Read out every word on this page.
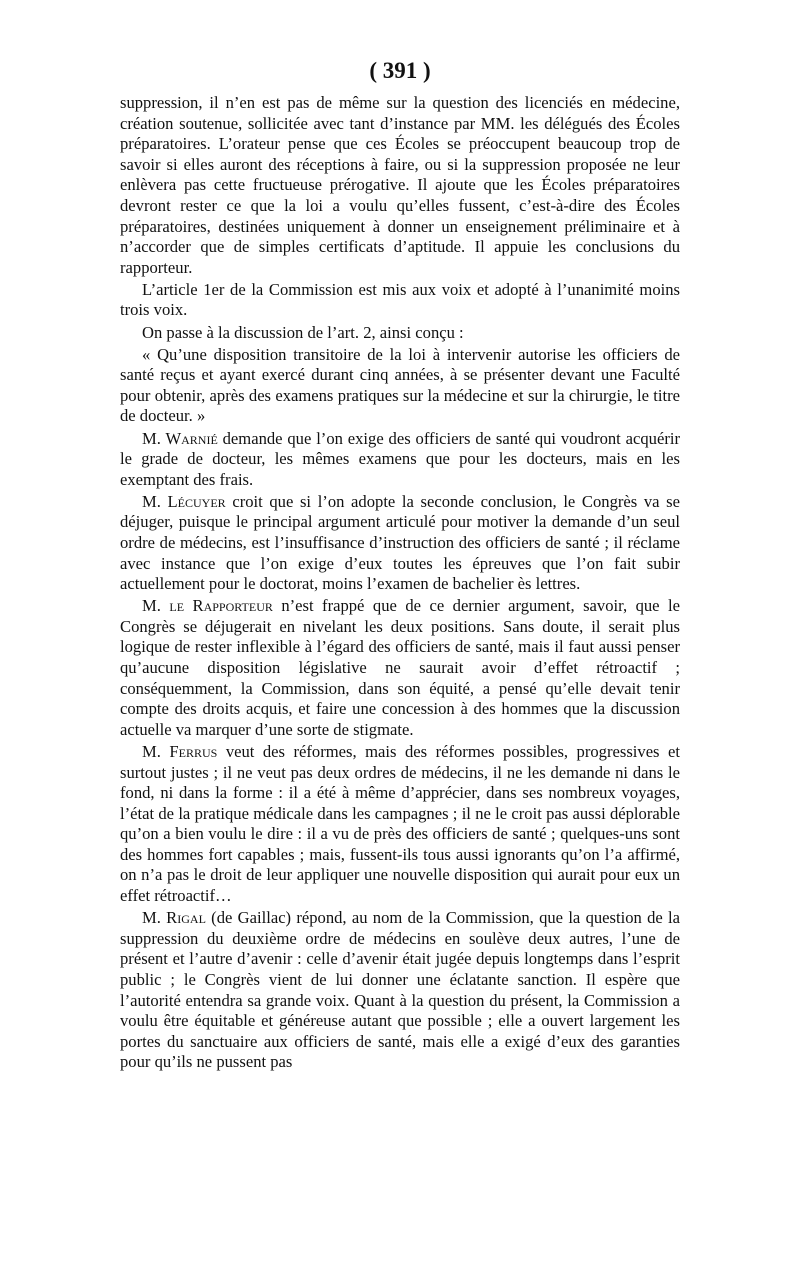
( 391 )

suppression, il n’en est pas de même sur la question des licenciés en médecine, création soutenue, sollicitée avec tant d’instance par MM. les délégués des Écoles préparatoires. L’orateur pense que ces Écoles se préoccupent beaucoup trop de savoir si elles auront des réceptions à faire, ou si la suppression proposée ne leur enlèvera pas cette fructueuse prérogative. Il ajoute que les Écoles préparatoires devront rester ce que la loi a voulu qu’elles fussent, c’est-à-dire des Écoles préparatoires, destinées uniquement à donner un enseignement préliminaire et à n’accorder que de simples certificats d’aptitude. Il appuie les conclusions du rapporteur.

L’article 1er de la Commission est mis aux voix et adopté à l’unanimité moins trois voix.

On passe à la discussion de l’art. 2, ainsi conçu :

« Qu’une disposition transitoire de la loi à intervenir autorise les officiers de santé reçus et ayant exercé durant cinq années, à se présenter devant une Faculté pour obtenir, après des examens pratiques sur la médecine et sur la chirurgie, le titre de docteur. »

M. Warnié demande que l’on exige des officiers de santé qui voudront acquérir le grade de docteur, les mêmes examens que pour les docteurs, mais en les exemptant des frais.

M. Lécuyer croit que si l’on adopte la seconde conclusion, le Congrès va se déjuger, puisque le principal argument articulé pour motiver la demande d’un seul ordre de médecins, est l’insuffisance d’instruction des officiers de santé ; il réclame avec instance que l’on exige d’eux toutes les épreuves que l’on fait subir actuellement pour le doctorat, moins l’examen de bachelier ès lettres.

M. le Rapporteur n’est frappé que de ce dernier argument, savoir, que le Congrès se déjugerait en nivelant les deux positions. Sans doute, il serait plus logique de rester inflexible à l’égard des officiers de santé, mais il faut aussi penser qu’aucune disposition législative ne saurait avoir d’effet rétroactif ; conséquemment, la Commission, dans son équité, a pensé qu’elle devait tenir compte des droits acquis, et faire une concession à des hommes que la discussion actuelle va marquer d’une sorte de stigmate.

M. Ferrus veut des réformes, mais des réformes possibles, progressives et surtout justes ; il ne veut pas deux ordres de médecins, il ne les demande ni dans le fond, ni dans la forme : il a été à même d’apprécier, dans ses nombreux voyages, l’état de la pratique médicale dans les campagnes ; il ne le croit pas aussi déplorable qu’on a bien voulu le dire : il a vu de près des officiers de santé ; quelques-uns sont des hommes fort capables ; mais, fussent-ils tous aussi ignorants qu’on l’a affirmé, on n’a pas le droit de leur appliquer une nouvelle disposition qui aurait pour eux un effet rétroactif…

M. Rigal (de Gaillac) répond, au nom de la Commission, que la question de la suppression du deuxième ordre de médecins en soulève deux autres, l’une de présent et l’autre d’avenir : celle d’avenir était jugée depuis longtemps dans l’esprit public ; le Congrès vient de lui donner une éclatante sanction. Il espère que l’autorité entendra sa grande voix. Quant à la question du présent, la Commission a voulu être équitable et généreuse autant que possible ; elle a ouvert largement les portes du sanctuaire aux officiers de santé, mais elle a exigé d’eux des garanties pour qu’ils ne pussent pas
